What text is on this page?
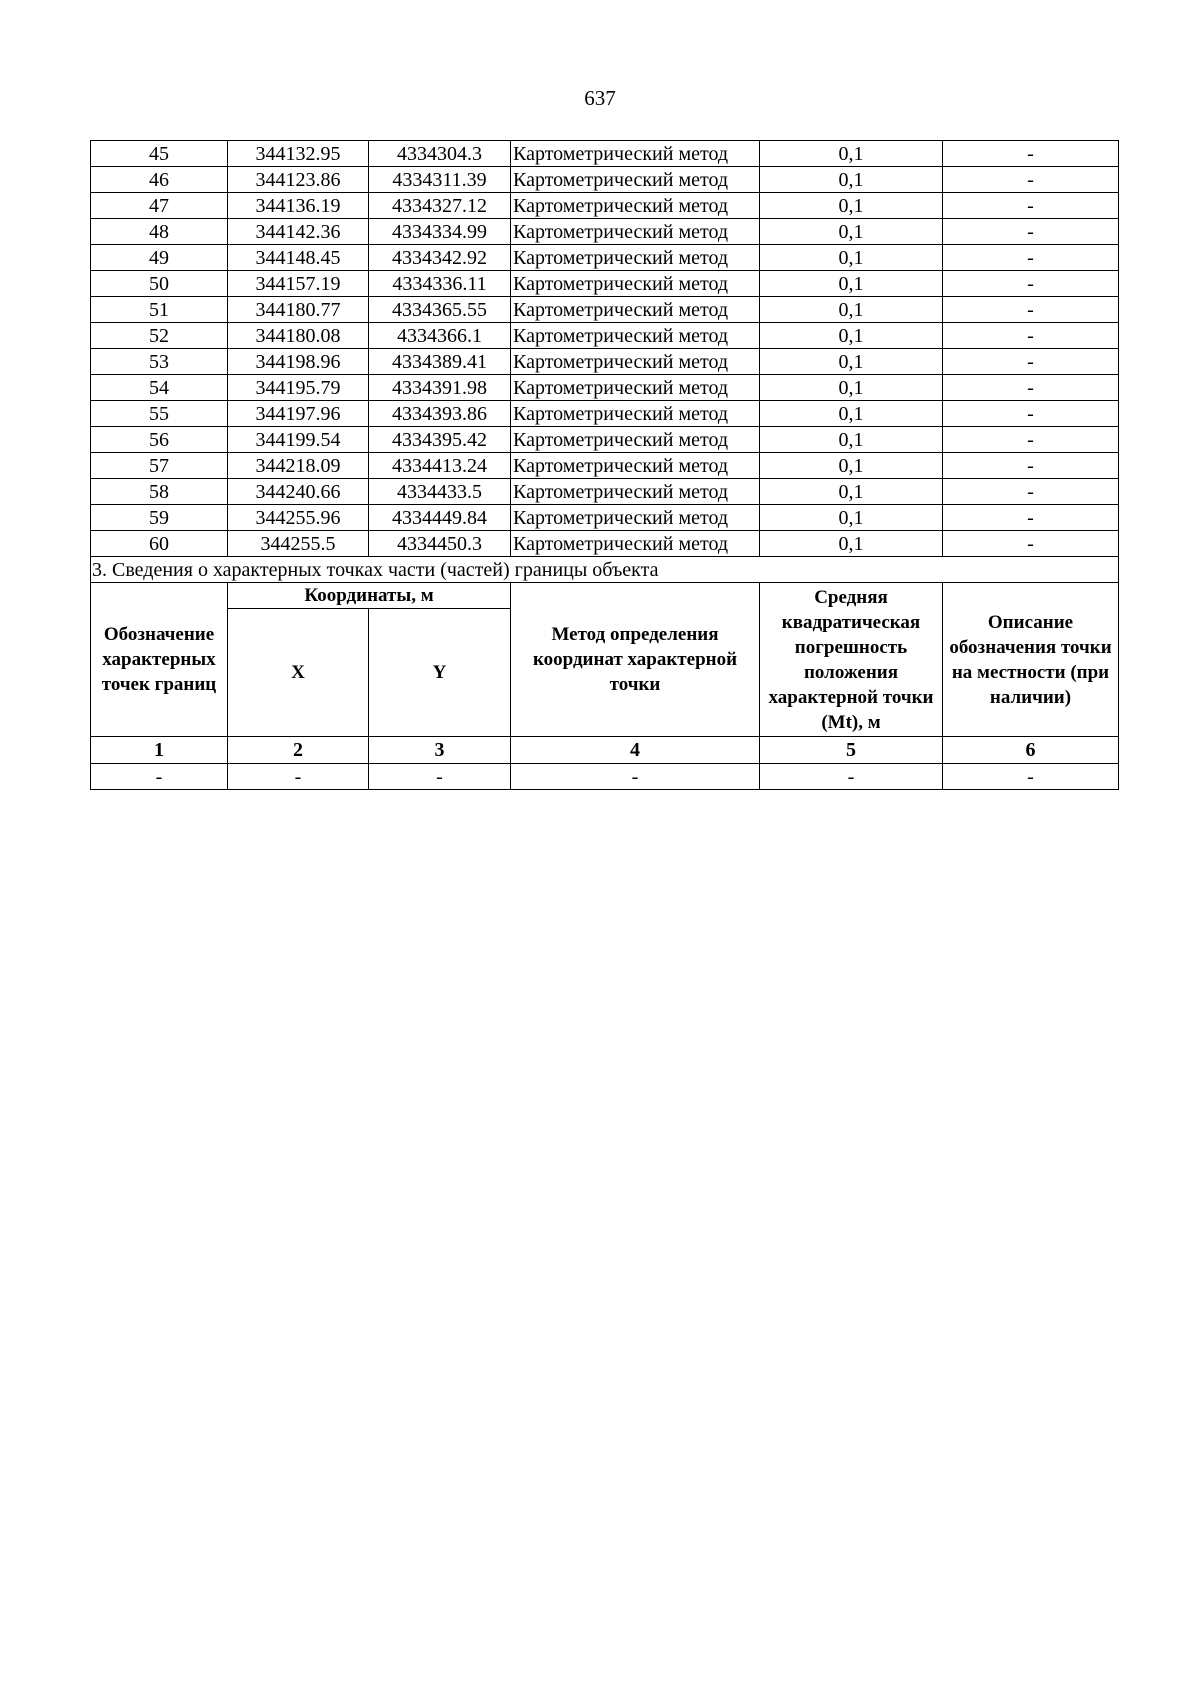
637
45	344132.95	4334304.3	Картометрический метод	0,1	-
46	344123.86	4334311.39	Картометрический метод	0,1	-
47	344136.19	4334327.12	Картометрический метод	0,1	-
48	344142.36	4334334.99	Картометрический метод	0,1	-
49	344148.45	4334342.92	Картометрический метод	0,1	-
50	344157.19	4334336.11	Картометрический метод	0,1	-
51	344180.77	4334365.55	Картометрический метод	0,1	-
52	344180.08	4334366.1	Картометрический метод	0,1	-
53	344198.96	4334389.41	Картометрический метод	0,1	-
54	344195.79	4334391.98	Картометрический метод	0,1	-
55	344197.96	4334393.86	Картометрический метод	0,1	-
56	344199.54	4334395.42	Картометрический метод	0,1	-
57	344218.09	4334413.24	Картометрический метод	0,1	-
58	344240.66	4334433.5	Картометрический метод	0,1	-
59	344255.96	4334449.84	Картометрический метод	0,1	-
60	344255.5	4334450.3	Картометрический метод	0,1	-
3. Сведения о характерных точках части (частей) границы объекта					
Обозначение характерных точек границ	Координаты, м		Метод определения координат характерной точки	Средняя квадратическая погрешность положения характерной точки (Mt), м	Описание обозначения точки на местности (при наличии)
	X	Y			
1	2	3	4	5	6
-	-	-	-	-	-
